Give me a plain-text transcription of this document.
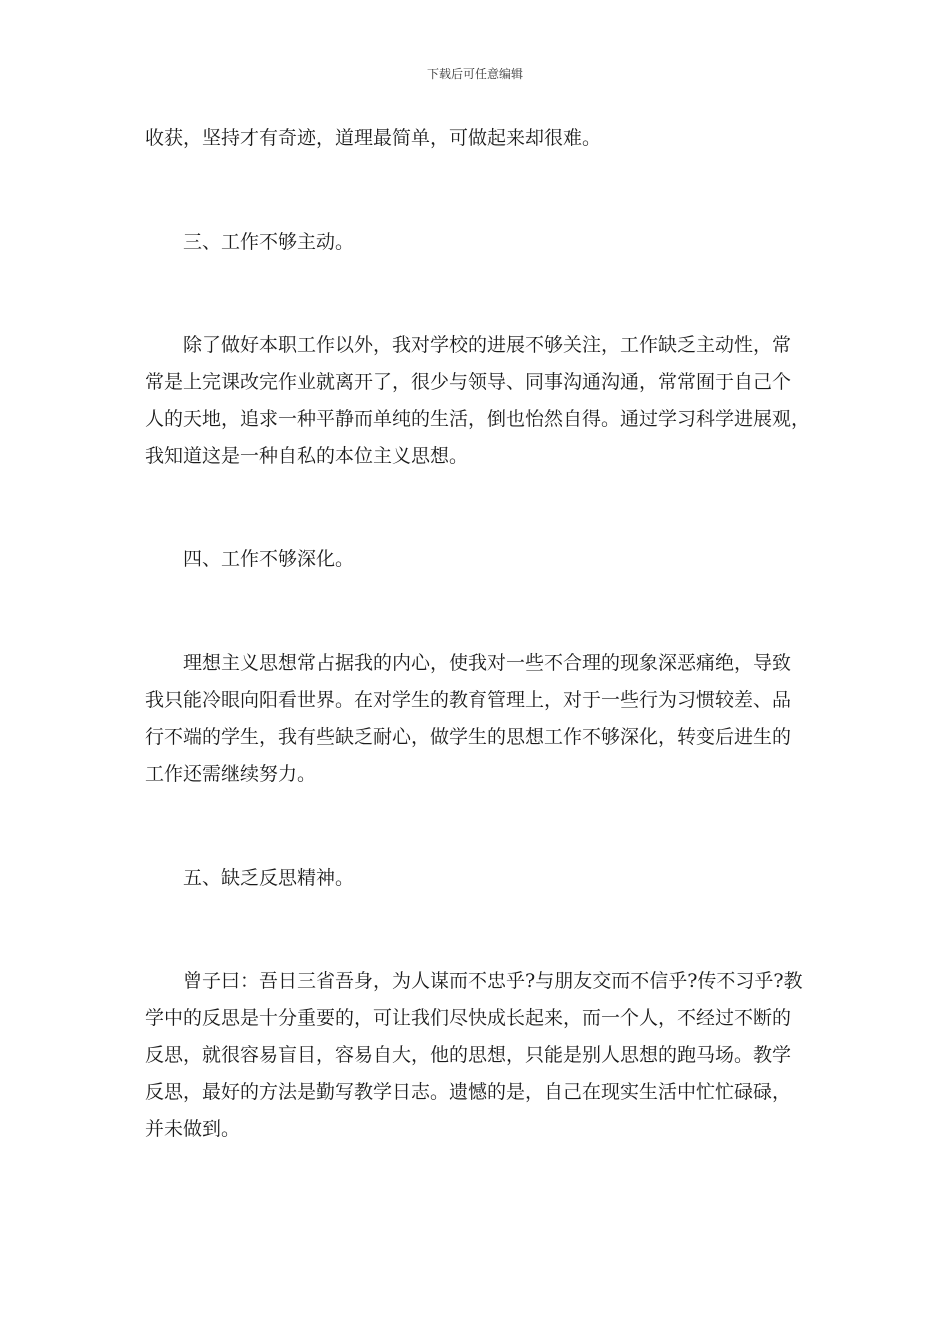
下载后可任意编辑
收获，坚持才有奇迹，道理最简单，可做起来却很难。
三、工作不够主动。
除了做好本职工作以外，我对学校的进展不够关注，工作缺乏主动性，常
常是上完课改完作业就离开了，很少与领导、同事沟通沟通，常常囿于自己个
人的天地，追求一种平静而单纯的生活，倒也怡然自得。通过学习科学进展观，
我知道这是一种自私的本位主义思想。
四、工作不够深化。
理想主义思想常占据我的内心，使我对一些不合理的现象深恶痛绝，导致
我只能冷眼向阳看世界。在对学生的教育管理上，对于一些行为习惯较差、品
行不端的学生，我有些缺乏耐心，做学生的思想工作不够深化，转变后进生的
工作还需继续努力。
五、缺乏反思精神。
曾子曰：吾日三省吾身，为人谋而不忠乎?与朋友交而不信乎?传不习乎?教
学中的反思是十分重要的，可让我们尽快成长起来，而一个人，不经过不断的
反思，就很容易盲目，容易自大，他的思想，只能是别人思想的跑马场。教学
反思，最好的方法是勤写教学日志。遗憾的是，自己在现实生活中忙忙碌碌，
并未做到。
